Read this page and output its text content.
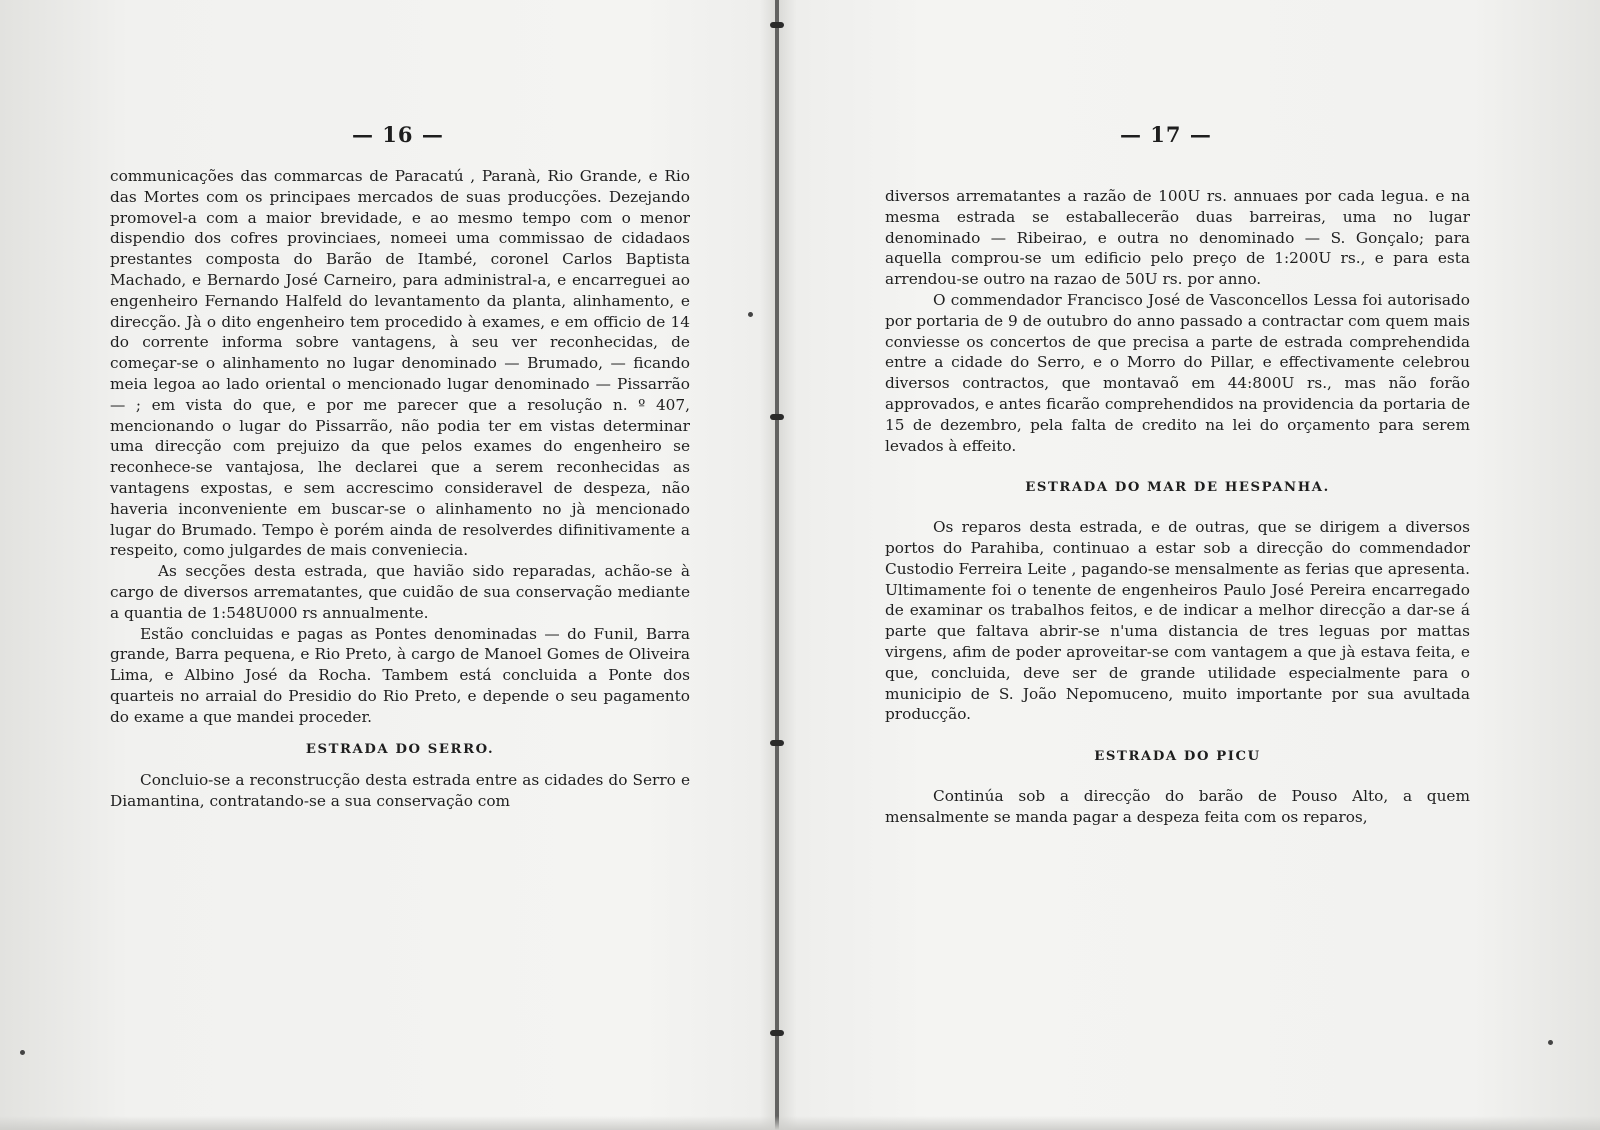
— 16 —

communicações das commarcas de Paracatú , Paranà, Rio Grande, e Rio das Mortes com os principaes mercados de suas producções. Dezejando promovel-a com a maior brevidade, e ao mesmo tempo com o menor dispendio dos cofres provinciaes, nomeei uma commissao de cidadaos prestantes composta do Barão de Itambé, coronel Carlos Baptista Machado, e Bernardo José Carneiro, para administral-a, e encarreguei ao engenheiro Fernando Halfeld do levantamento da planta, alinhamento, e direcção. Jà o dito engenheiro tem procedido à exames, e em officio de 14 do corrente informa sobre vantagens, à seu ver reconhecidas, de começar-se o alinhamento no lugar denominado — Brumado, — ficando meia legoa ao lado oriental o mencionado lugar denominado — Pissarrão — ; em vista do que, e por me parecer que a resolução n. º 407, mencionando o lugar do Pissarrão, não podia ter em vistas determinar uma direcção com prejuizo da que pelos exames do engenheiro se reconhece-se vantajosa, lhe declarei que a serem reconhecidas as vantagens expostas, e sem accrescimo consideravel de despeza, não haveria inconveniente em buscar-se o alinhamento no jà mencionado lugar do Brumado. Tempo è porém ainda de resolverdes difinitivamente a respeito, como julgardes de mais conveniecia.

As secções desta estrada, que havião sido reparadas, achão-se à cargo de diversos arrematantes, que cuidão de sua conservação mediante a quantia de 1:548U000 rs annualmente.

Estão concluidas e pagas as Pontes denominadas — do Funil, Barra grande, Barra pequena, e Rio Preto, à cargo de Manoel Gomes de Oliveira Lima, e Albino José da Rocha. Tambem está concluida a Ponte dos quarteis no arraial do Presidio do Rio Preto, e depende o seu pagamento do exame a que mandei proceder.

ESTRADA DO SERRO.

Concluio-se a reconstrucção desta estrada entre as cidades do Serro e Diamantina, contratando-se a sua conservação com

— 17 —

diversos arrematantes a razão de 100U rs. annuaes por cada legua. e na mesma estrada se estaballecerão duas barreiras, uma no lugar denominado — Ribeirao, e outra no denominado — S. Gonçalo; para aquella comprou-se um edificio pelo preço de 1:200U rs., e para esta arrendou-se outro na razao de 50U rs. por anno.

O commendador Francisco José de Vasconcellos Lessa foi autorisado por portaria de 9 de outubro do anno passado a contractar com quem mais conviesse os concertos de que precisa a parte de estrada comprehendida entre a cidade do Serro, e o Morro do Pillar, e effectivamente celebrou diversos contractos, que montavaõ em 44:800U rs., mas não forão approvados, e antes ficarão comprehendidos na providencia da portaria de 15 de dezembro, pela falta de credito na lei do orçamento para serem levados à effeito.

ESTRADA DO MAR DE HESPANHA.

Os reparos desta estrada, e de outras, que se dirigem a diversos portos do Parahiba, continuao a estar sob a direcção do commendador Custodio Ferreira Leite , pagando-se mensalmente as ferias que apresenta. Ultimamente foi o tenente de engenheiros Paulo José Pereira encarregado de examinar os trabalhos feitos, e de indicar a melhor direcção a dar-se á parte que faltava abrir-se n'uma distancia de tres leguas por mattas virgens, afim de poder aproveitar-se com vantagem a que jà estava feita, e que, concluida, deve ser de grande utilidade especialmente para o municipio de S. João Nepomuceno, muito importante por sua avultada producção.

ESTRADA DO PICU

Continúa sob a direcção do barão de Pouso Alto, a quem mensalmente se manda pagar a despeza feita com os reparos,
